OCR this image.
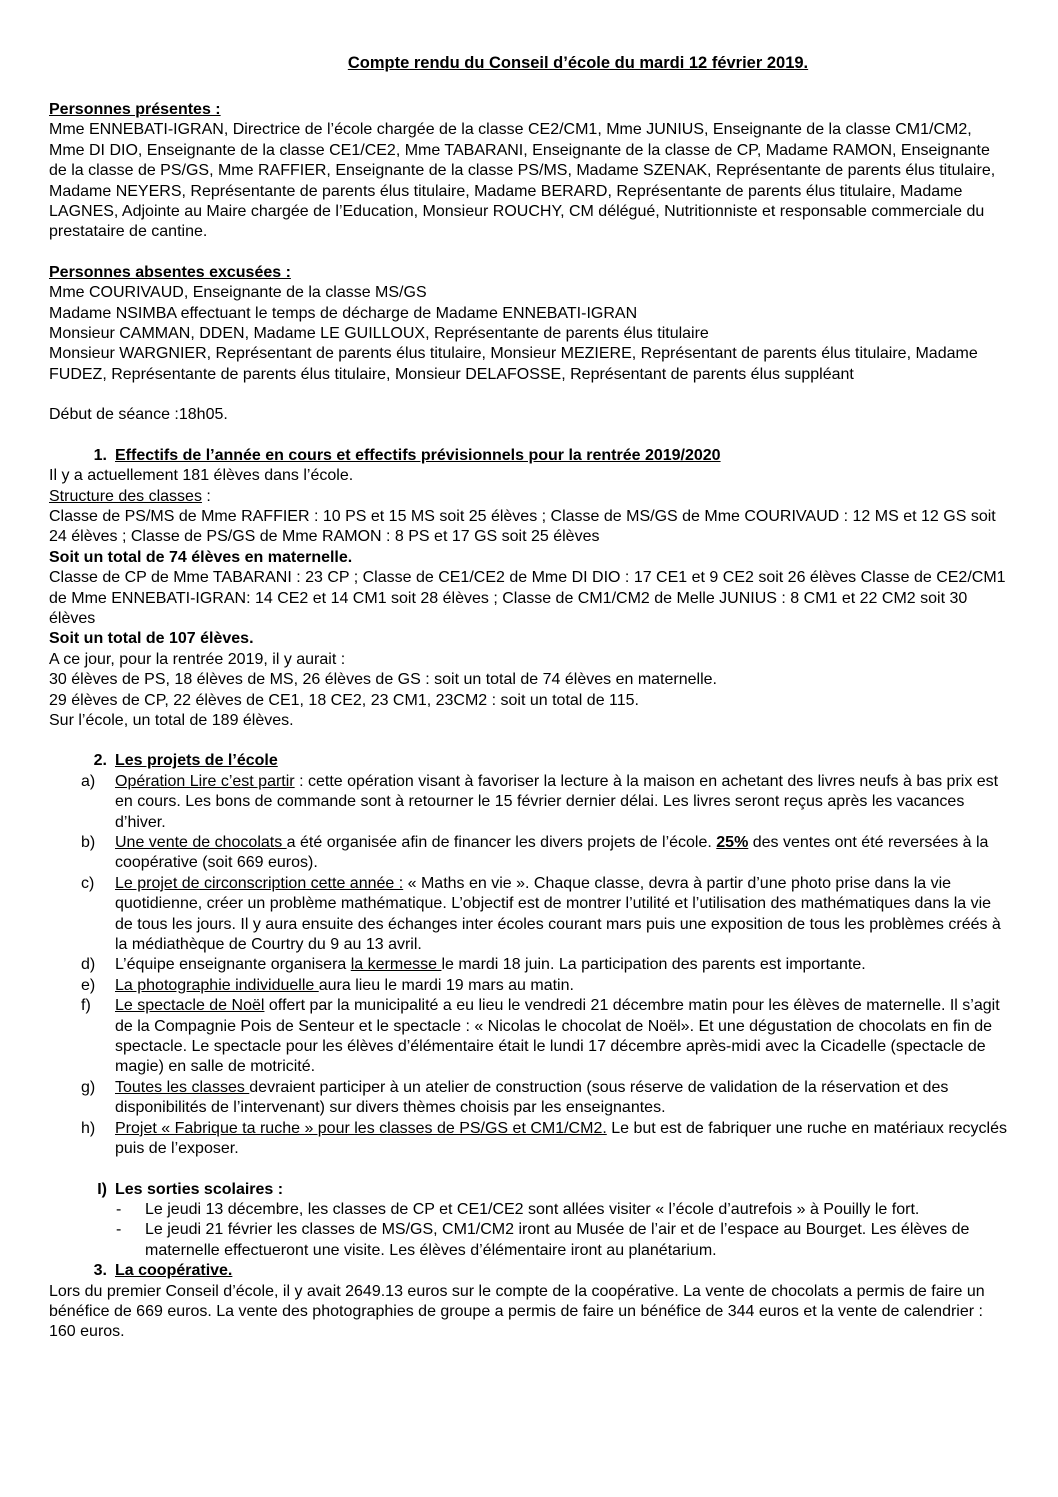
Compte rendu du Conseil d’école du mardi 12 février 2019.

Personnes présentes :

Mme ENNEBATI-IGRAN, Directrice de l’école chargée de la classe CE2/CM1, Mme JUNIUS, Enseignante de la classe CM1/CM2, Mme DI DIO, Enseignante de la classe CE1/CE2, Mme TABARANI, Enseignante de la classe de CP, Madame RAMON, Enseignante de la classe de PS/GS, Mme RAFFIER, Enseignante de la classe PS/MS, Madame SZENAK, Représentante de parents élus titulaire, Madame NEYERS, Représentante de parents élus titulaire, Madame BERARD, Représentante de parents élus titulaire, Madame LAGNES, Adjointe au Maire chargée de l’Education, Monsieur ROUCHY, CM délégué, Nutritionniste et responsable commerciale du prestataire de cantine.

Personnes absentes excusées :

Mme COURIVAUD, Enseignante de la classe MS/GS

Madame NSIMBA effectuant le temps de décharge de Madame ENNEBATI-IGRAN

Monsieur CAMMAN, DDEN, Madame LE GUILLOUX, Représentante de parents élus titulaire

Monsieur WARGNIER, Représentant de parents élus titulaire, Monsieur MEZIERE, Représentant de parents élus titulaire, Madame FUDEZ, Représentante de parents élus titulaire, Monsieur DELAFOSSE, Représentant de parents élus suppléant

Début de séance :18h05.

1. Effectifs de l’année en cours et effectifs prévisionnels pour la rentrée 2019/2020

Il y a actuellement 181 élèves dans l’école.

Structure des classes :

Classe de PS/MS de Mme RAFFIER : 10 PS et 15 MS soit 25 élèves ; Classe de MS/GS de Mme COURIVAUD : 12 MS et 12 GS soit 24 élèves ; Classe de PS/GS de Mme RAMON : 8 PS et 17 GS soit 25 élèves

Soit un total de 74 élèves en maternelle.

Classe de CP de Mme TABARANI : 23 CP ; Classe de CE1/CE2 de Mme DI DIO : 17 CE1 et 9 CE2 soit 26 élèves Classe de CE2/CM1 de Mme ENNEBATI-IGRAN: 14 CE2 et 14 CM1 soit 28 élèves ; Classe de CM1/CM2 de Melle JUNIUS : 8 CM1 et 22 CM2 soit 30 élèves

Soit un total de 107 élèves.

A ce jour, pour la rentrée 2019, il y aurait :

30 élèves de PS, 18 élèves de MS, 26 élèves de GS : soit un total de 74 élèves en maternelle.

29 élèves de CP, 22 élèves de CE1, 18 CE2, 23 CM1, 23CM2 : soit un total de 115.

Sur l’école, un total de 189 élèves.

2. Les projets de l’école
a)	Opération Lire c’est partir : cette opération visant à favoriser la lecture à la maison en achetant des livres neufs à bas prix est en cours. Les bons de commande sont à retourner le 15 février dernier délai. Les livres seront reçus après les vacances d’hiver.
b)	Une vente de chocolats a été organisée afin de financer les divers projets de l’école. 25% des ventes ont été reversées à la coopérative (soit 669 euros).
c)	Le projet de circonscription cette année : « Maths en vie ». Chaque classe, devra à partir d’une photo prise dans la vie quotidienne, créer un problème mathématique. L’objectif est de montrer l’utilité et l’utilisation des mathématiques dans la vie de tous les jours. Il y aura ensuite des échanges inter écoles courant mars puis une exposition de tous les problèmes créés à la médiathèque de Courtry du 9 au 13 avril.
d)	L’équipe enseignante organisera la kermesse le mardi 18 juin. La participation des parents est importante.
e)	La photographie individuelle aura lieu le mardi 19 mars au matin.
f)	Le spectacle de Noël offert par la municipalité a eu lieu le vendredi 21 décembre matin pour les élèves de maternelle. Il s’agit de la Compagnie Pois de Senteur et le spectacle : « Nicolas le chocolat de Noël». Et une dégustation de chocolats en fin de spectacle. Le spectacle pour les élèves d’élémentaire était le lundi 17 décembre après-midi avec la Cicadelle (spectacle de magie) en salle de motricité.
g)	Toutes les classes devraient participer à un atelier de construction (sous réserve de validation de la réservation et des disponibilités de l’intervenant) sur divers thèmes choisis par les enseignantes.
h)	Projet « Fabrique ta ruche » pour les classes de PS/GS et CM1/CM2. Le but est de fabriquer une ruche en matériaux recyclés puis de l’exposer.
I) Les sorties scolaires :
-	Le jeudi 13 décembre, les classes de CP et CE1/CE2 sont allées visiter « l’école d’autrefois » à Pouilly le fort.
-	Le jeudi 21 février les classes de MS/GS, CM1/CM2 iront au Musée de l’air et de l’espace au Bourget. Les élèves de maternelle effectueront une visite. Les élèves d’élémentaire iront au planétarium.
3. La coopérative.

Lors du premier Conseil d’école, il y avait 2649.13 euros sur le compte de la coopérative. La vente de chocolats a permis de faire un bénéfice de 669 euros. La vente des photographies de groupe a permis de faire un bénéfice de 344 euros et la vente de calendrier : 160 euros.
